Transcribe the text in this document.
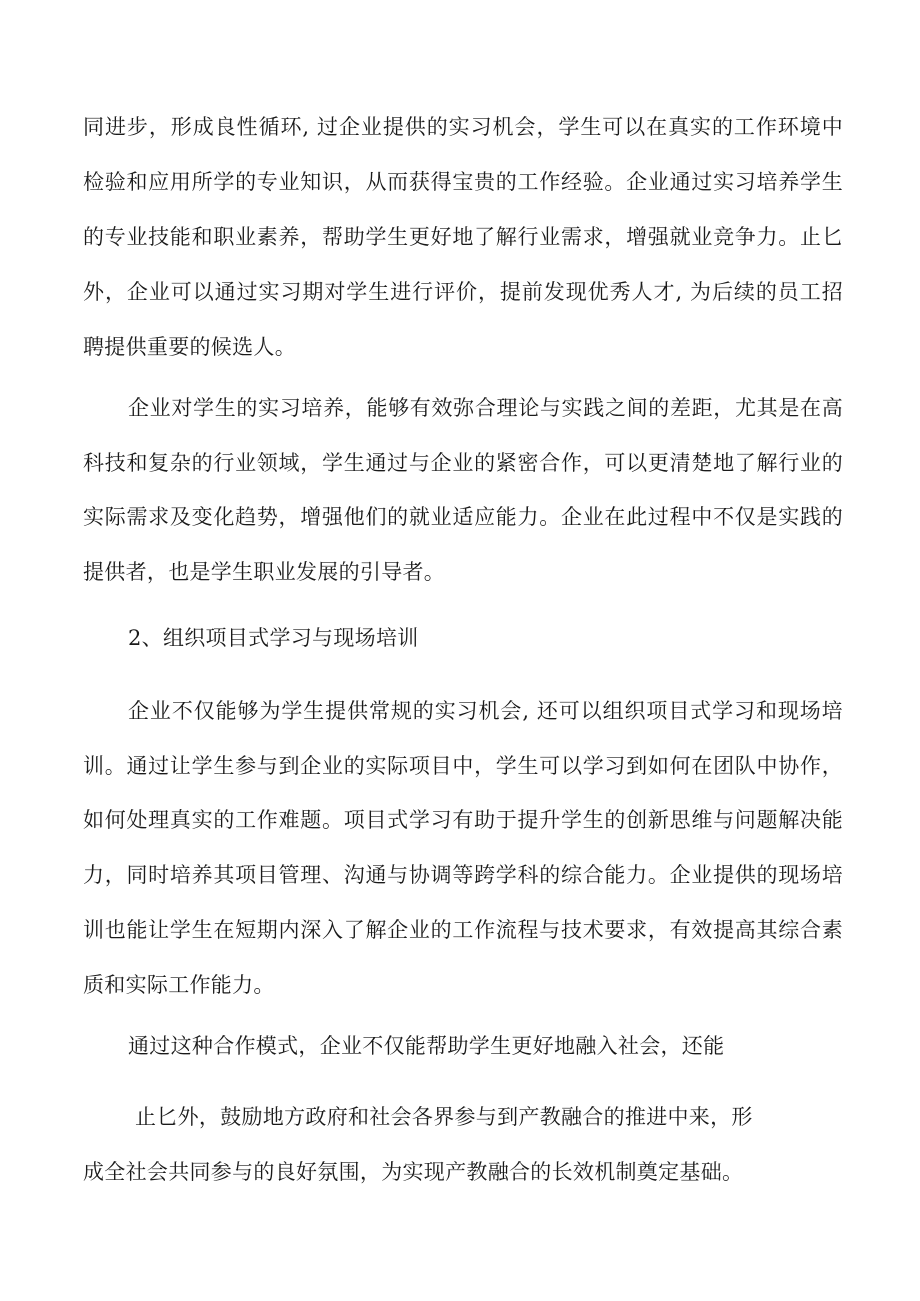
同进步，形成良性循环, 过企业提供的实习机会，学生可以在真实的工作环境中
检验和应用所学的专业知识，从而获得宝贵的工作经验。企业通过实习培养学生
的专业技能和职业素养，帮助学生更好地了解行业需求，增强就业竞争力。止匕
外，企业可以通过实习期对学生进行评价，提前发现优秀人才, 为后续的员工招
聘提供重要的候选人。
企业对学生的实习培养，能够有效弥合理论与实践之间的差距，尤其是在高
科技和复杂的行业领域，学生通过与企业的紧密合作，可以更清楚地了解行业的
实际需求及变化趋势，增强他们的就业适应能力。企业在此过程中不仅是实践的
提供者，也是学生职业发展的引导者。
2、组织项目式学习与现场培训
企业不仅能够为学生提供常规的实习机会, 还可以组织项目式学习和现场培
训。通过让学生参与到企业的实际项目中，学生可以学习到如何在团队中协作，
如何处理真实的工作难题。项目式学习有助于提升学生的创新思维与问题解决能
力，同时培养其项目管理、沟通与协调等跨学科的综合能力。企业提供的现场培
训也能让学生在短期内深入了解企业的工作流程与技术要求，有效提高其综合素
质和实际工作能力。
通过这种合作模式，企业不仅能帮助学生更好地融入社会，还能
止匕外，鼓励地方政府和社会各界参与到产教融合的推进中来，形
成全社会共同参与的良好氛围，为实现产教融合的长效机制奠定基础。
